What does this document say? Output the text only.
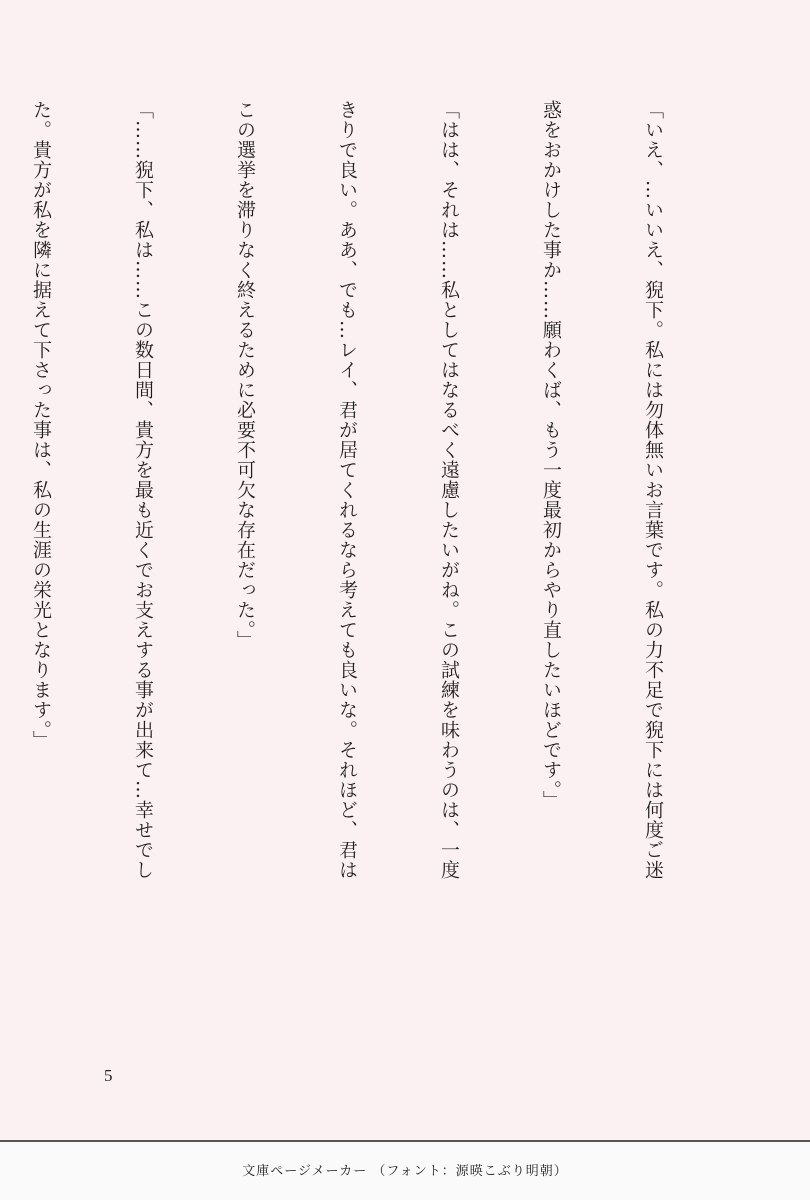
「いえ、…いいえ、猊下。私には勿体無いお言葉です。私の力不足で猊下には何度ご迷

惑をおかけした事か……願わくば、もう一度最初からやり直したいほどです。」

「はは、それは……私としてはなるべく遠慮したいがね。この試練を味わうのは、一度

きりで良い。ああ、でも…レイ、君が居てくれるなら考えても良いな。それほど、君は

この選挙を滞りなく終えるために必要不可欠な存在だった。」

「……猊下、私は……この数日間、貴方を最も近くでお支えする事が出来て…幸せでし

た。貴方が私を隣に据えて下さった事は、私の生涯の栄光となります。」

5
文庫ページメーカー （フォント：源暎こぶり明朝）
